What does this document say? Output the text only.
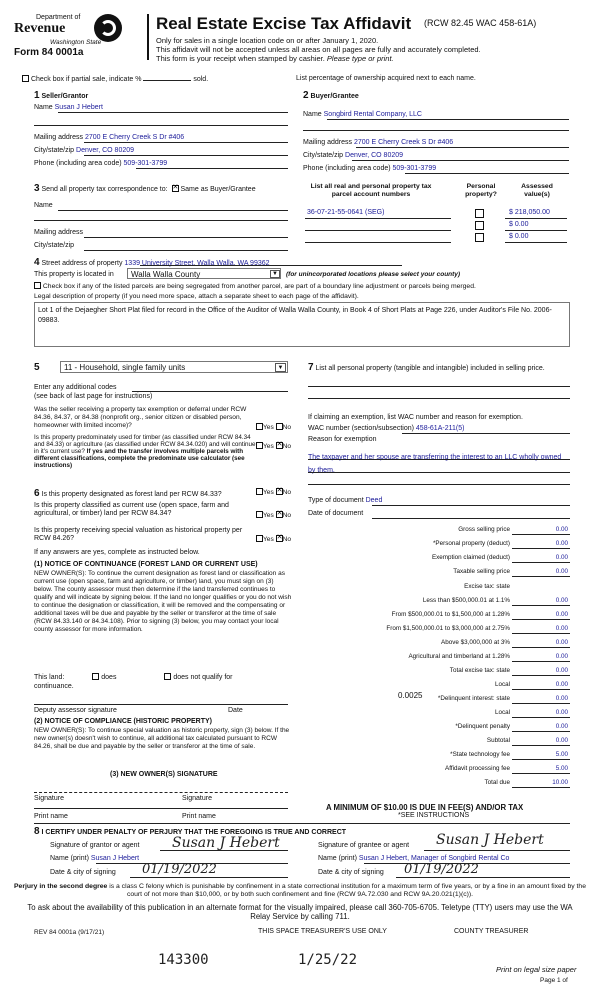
Department of
Revenue
Washington State
Form 84 0001a
Real Estate Excise Tax Affidavit (RCW 82.45 WAC 458-61A)
Only for sales in a single location code on or after January 1, 2020.
This affidavit will not be accepted unless all areas on all pages are fully and accurately completed.
This form is your receipt when stamped by cashier. Please type or print.
Check box if partial sale, indicate %	sold.	List percentage of ownership acquired next to each name.
1 Seller/Grantor
Name Susan J Hebert
Mailing address 2700 E Cherry Creek S Dr #406
City/state/zip Denver, CO 80209
Phone (including area code) 509-301-3799
2 Buyer/Grantee
Name Songbird Rental Company, LLC
Mailing address 2700 E Cherry Creek S Dr #406
City/state/zip Denver, CO 80209
Phone (including area code) 509-301-3799
3 Send all property tax correspondence to: ✕ Same as Buyer/Grantee
Name
Mailing address
City/state/zip
List all real and personal property tax parcel account numbers
Personal property?
Assessed value(s)
36-07-21-55-0641 (SEG)	$ 218,050.00
$ 0.00
$ 0.00
4 Street address of property 1339 University Street, Walla Walla, WA 99362
This property is located in Walla Walla County	▼	(for unincorporated locations please select your county)
Check box if any of the listed parcels are being segregated from another parcel, are part of a boundary line adjustment or parcels being merged.
Legal description of property (if you need more space, attach a separate sheet to each page of the affidavit).
Lot 1 of the Dejaegher Short Plat filed for record in the Office of the Auditor of Walla Walla County, in Book 4 of Short Plats at Page 226, under Auditor's File No. 2006-09883.
5	11 - Household, single family units	▼
Enter any additional codes
(see back of last page for instructions)
Was the seller receiving a property tax exemption or deferral under RCW 84.36, 84.37, or 84.38 (nonprofit org., senior citizen or disabled person, homeowner with limited income)?	Yes No
Is this property predominately used for timber (as classified under RCW 84.34 and 84.33) or agriculture (as classified under RCW 84.34.020) and will continue in it's current use? If yes and the transfer involves multiple parcels with different classifications, complete the predominate use calculator (see instructions)
Yes ✕ No
6 Is this property designated as forest land per RCW 84.33?	Yes ✕ No
Is this property classified as current use (open space, farm and agricultural, or timber) land per RCW 84.34?	Yes ✕ No
Is this property receiving special valuation as historical property per RCW 84.26?	Yes ✕ No
If any answers are yes, complete as instructed below.
(1) NOTICE OF CONTINUANCE (FOREST LAND OR CURRENT USE)
NEW OWNER(S): To continue the current designation as forest land or classification as current use (open space, farm and agriculture, or timber) land, you must sign on (3) below. The county assessor must then determine if the land transferred continues to qualify and will indicate by signing below. If the land no longer qualifies or you do not wish to continue the designation or classification, it will be removed and the compensating or additional taxes will be due and payable by the seller or transferor at the time of sale (RCW 84.33.140 or 84.34.108). Prior to signing (3) below, you may contact your local county assessor for more information.
This land:	does	does not qualify for
continuance.
Deputy assessor signature	Date
(2) NOTICE OF COMPLIANCE (HISTORIC PROPERTY)
NEW OWNER(S): To continue special valuation as historic property, sign (3) below. If the new owner(s) doesn't wish to continue, all additional tax calculated pursuant to RCW 84.26, shall be due and payable by the seller or transferor at the time of sale.
(3) NEW OWNER(S) SIGNATURE
Signature	Signature
Print name	Print name
7 List all personal property (tangible and intangible) included in selling price.
If claiming an exemption, list WAC number and reason for exemption.
WAC number (section/subsection) 458-61A-211(5)
Reason for exemption
The taxpayer and her spouse are transferring the interest to an LLC wholly owned by them.
Type of document Deed
Date of document
Gross selling price	0.00
*Personal property (deduct)	0.00
Exemption claimed (deduct)	0.00
Taxable selling price	0.00
Excise tax: state
Less than $500,000.01 at 1.1%	0.00
From $500,000.01 to $1,500,000 at 1.28%	0.00
From $1,500,000.01 to $3,000,000 at 2.75%	0.00
Above $3,000,000 at 3%	0.00
Agricultural and timberland at 1.28%	0.00
Total excise tax: state	0.00
Local	0.00
*Delinquent interest: state	0.00
Local	0.00
*Delinquent penalty	0.00
Subtotal	0.00
*State technology fee	5.00
Affidavit processing fee	5.00
Total due	10.00
0.0025
A MINIMUM OF $10.00 IS DUE IN FEE(S) AND/OR TAX
*SEE INSTRUCTIONS
8 I CERTIFY UNDER PENALTY OF PERJURY THAT THE FOREGOING IS TRUE AND CORRECT
Signature of grantor or agent Susan J Hebert
Name (print) Susan J Hebert
Date & city of signing 01/19/2022
Signature of grantee or agent Susan J Hebert
Name (print) Susan J Hebert, Manager of Songbird Rental Co
Date & city of signing 01/19/2022
Perjury in the second degree is a class C felony which is punishable by confinement in a state correctional institution for a maximum term of five years, or by a fine in an amount fixed by the court of not more than $10,000, or by both such confinement and fine (RCW 9A.72.030 and RCW 9A.20.021(1)(c)).
To ask about the availability of this publication in an alternate format for the visually impaired, please call 360-705-6705. Teletype (TTY) users may use the WA Relay Service by calling 711.
REV 84 0001a (9/17/21)	THIS SPACE TREASURER'S USE ONLY	COUNTY TREASURER
143300	1/25/22
Print on legal size paper
Page 1 of
